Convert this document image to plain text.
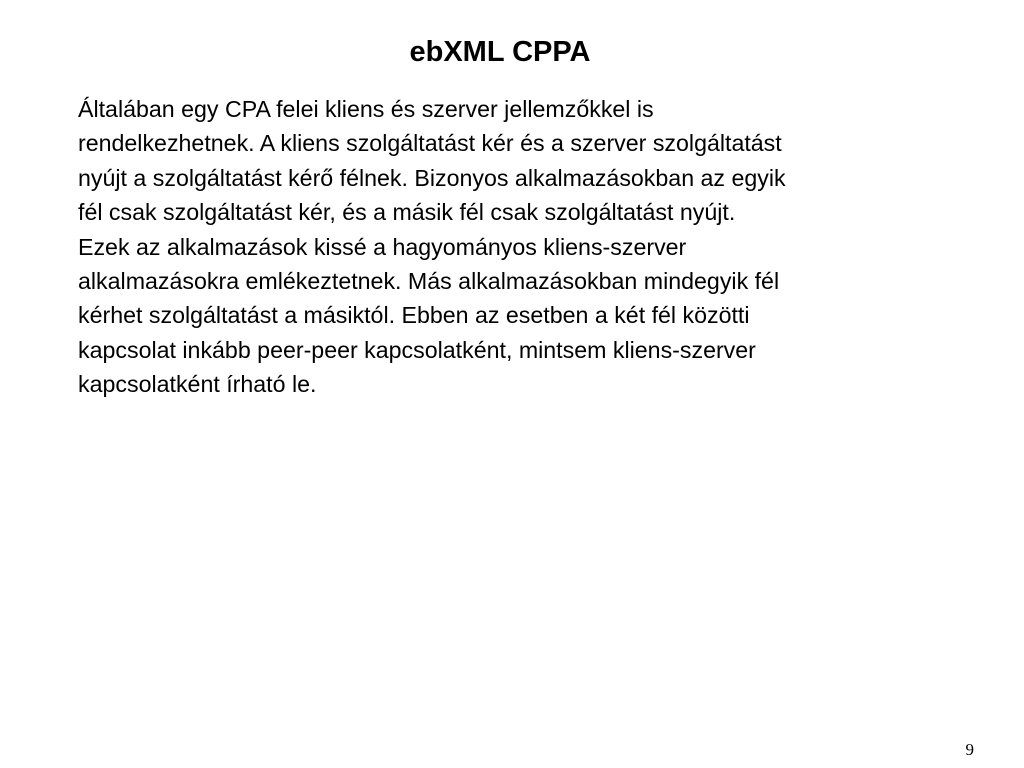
ebXML CPPA

Általában egy CPA felei kliens és szerver jellemzőkkel is
rendelkezhetnek. A kliens szolgáltatást kér és a szerver szolgáltatást
nyújt a szolgáltatást kérő félnek. Bizonyos alkalmazásokban az egyik
fél csak szolgáltatást kér, és a másik fél csak szolgáltatást nyújt.
Ezek az alkalmazások kissé a hagyományos kliens-szerver
alkalmazásokra emlékeztetnek. Más alkalmazásokban mindegyik fél
kérhet szolgáltatást a másiktól. Ebben az esetben a két fél közötti
kapcsolat inkább peer-peer kapcsolatként, mintsem kliens-szerver
kapcsolatként írható le.

9
